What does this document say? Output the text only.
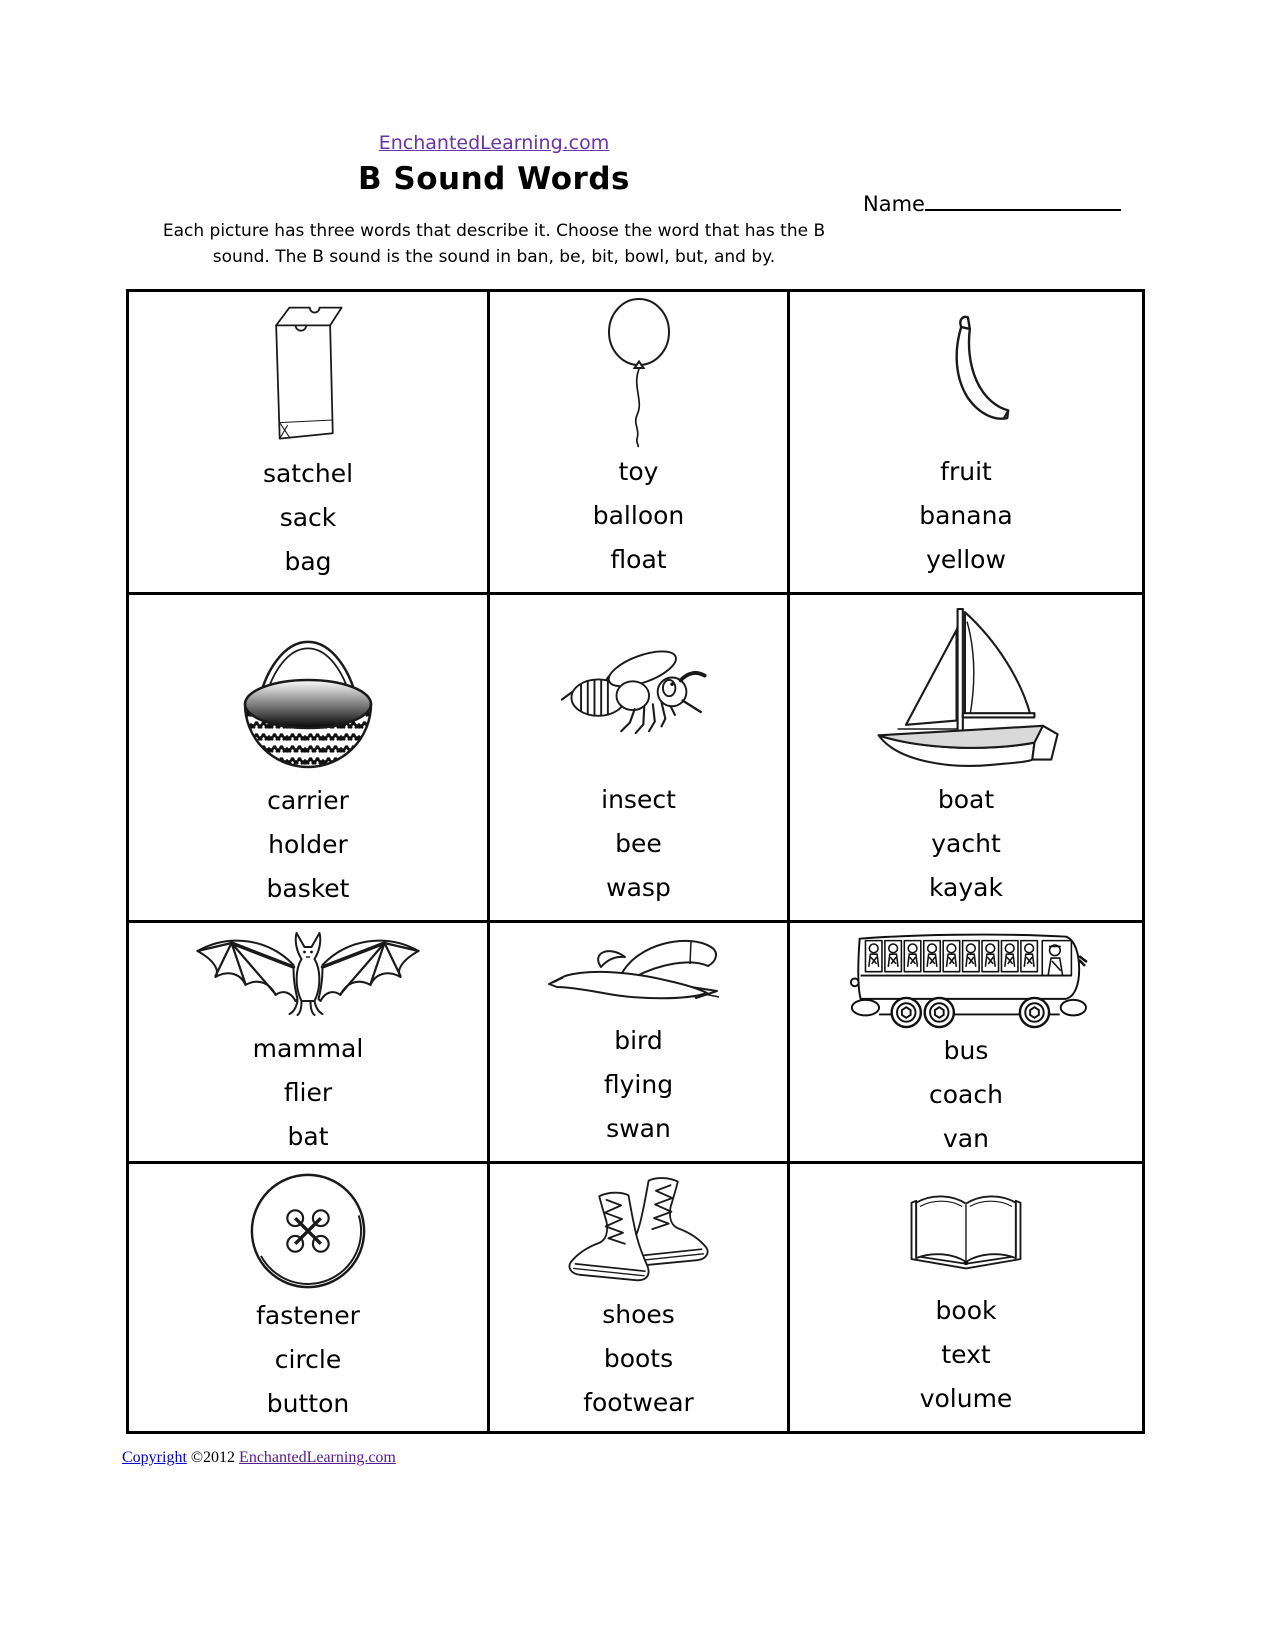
EnchantedLearning.com
B Sound Words
Name
Each picture has three words that describe it. Choose the word that has the B
sound. The B sound is the sound in ban, be, bit, bowl, but, and by.
satchel
sack
bag
toy
balloon
float
fruit
banana
yellow
carrier
holder
basket
insect
bee
wasp
boat
yacht
kayak
mammal
flier
bat
bird
flying
swan
bus
coach
van
fastener
circle
button
shoes
boots
footwear
book
text
volume
Copyright ©2012 EnchantedLearning.com
